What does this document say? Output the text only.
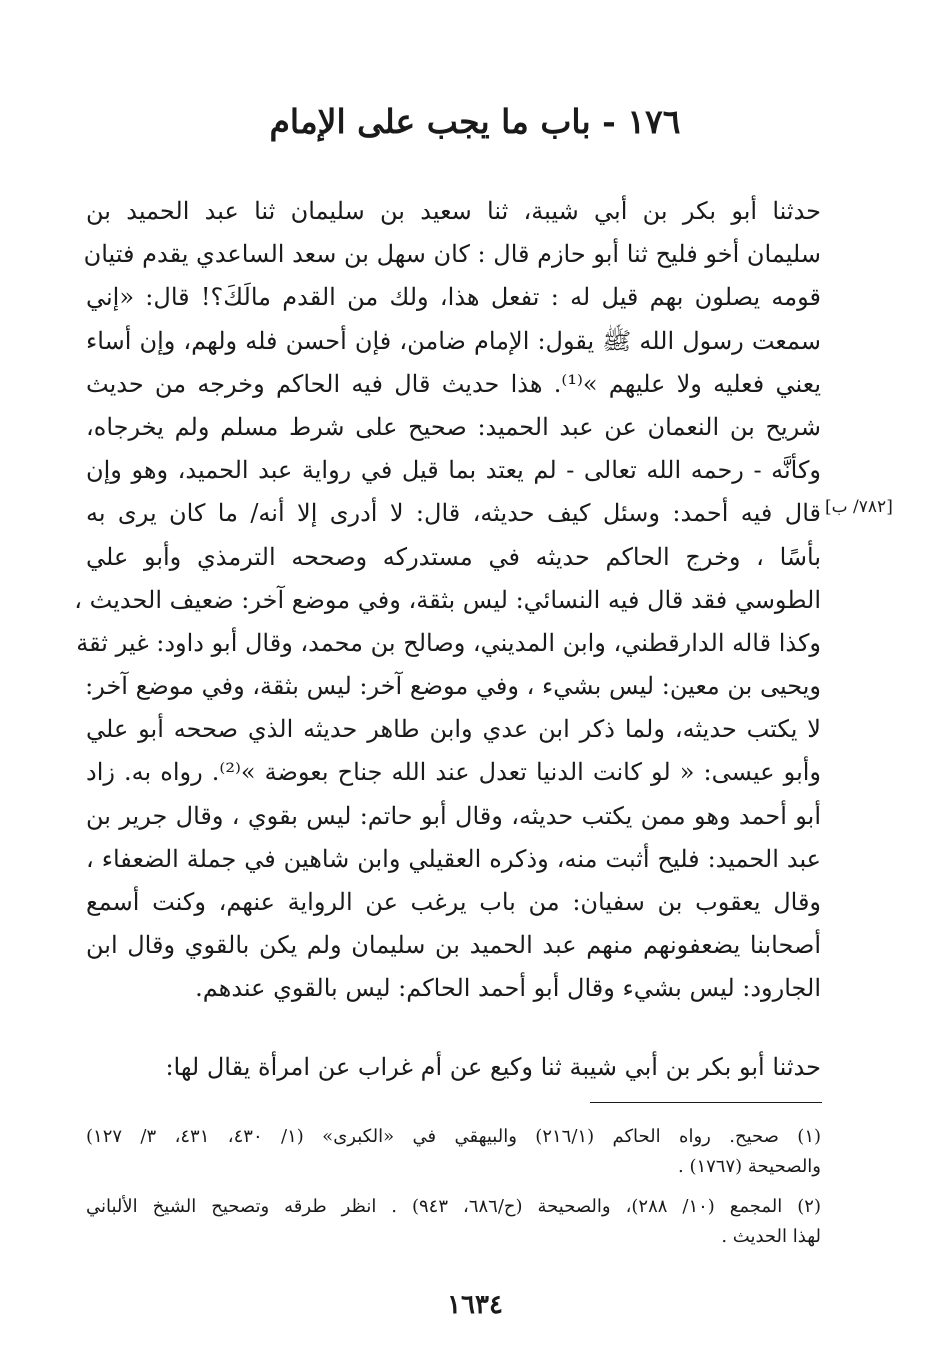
١٧٦ - باب ما يجب على الإمام
حدثنا أبو بكر بن أبي شيبة، ثنا سعيد بن سليمان ثنا عبد الحميد بن
سليمان أخو فليح ثنا أبو حازم قال : كان سهل بن سعد الساعدي يقدم فتيان
قومه يصلون بهم قيل له : تفعل هذا، ولك من القدم مالَكَ؟! قال: «إني
سمعت رسول الله ﷺ يقول: الإمام ضامن، فإن أحسن فله ولهم، وإن أساء
يعني فعليه ولا عليهم »⁽¹⁾. هذا حديث قال فيه الحاكم وخرجه من حديث
شريح بن النعمان عن عبد الحميد: صحيح على شرط مسلم ولم يخرجاه،
وكأنَّه - رحمه الله تعالى - لم يعتد بما قيل في رواية عبد الحميد، وهو وإن
قال فيه أحمد: وسئل كيف حديثه، قال: لا أدرى إلا أنه/ ما كان يرى به
بأسًا ، وخرج الحاكم حديثه في مستدركه وصححه الترمذي وأبو علي
الطوسي فقد قال فيه النسائي: ليس بثقة، وفي موضع آخر: ضعيف الحديث ،
وكذا قاله الدارقطني، وابن المديني، وصالح بن محمد، وقال أبو داود: غير ثقة
ويحيى بن معين: ليس بشيء ، وفي موضع آخر: ليس بثقة، وفي موضع آخر:
لا يكتب حديثه، ولما ذكر ابن عدي وابن طاهر حديثه الذي صححه أبو علي
وأبو عيسى: « لو كانت الدنيا تعدل عند الله جناح بعوضة »⁽²⁾. رواه به. زاد
أبو أحمد وهو ممن يكتب حديثه، وقال أبو حاتم: ليس بقوي ، وقال جرير بن
عبد الحميد: فليح أثبت منه، وذكره العقيلي وابن شاهين في جملة الضعفاء ،
وقال يعقوب بن سفيان: من باب يرغب عن الرواية عنهم، وكنت أسمع
أصحابنا يضعفونهم منهم عبد الحميد بن سليمان ولم يكن بالقوي وقال ابن
الجارود: ليس بشيء وقال أبو أحمد الحاكم: ليس بالقوي عندهم.
[٧٨٢/ ب]
حدثنا أبو بكر بن أبي شيبة ثنا وكيع عن أم غراب عن امرأة يقال لها:
(١) صحيح. رواه الحاكم (٢١٦/١) والبيهقي في «الكبرى» (١/ ٤٣٠، ٤٣١، ٣/ ١٢٧)
والصحيحة (١٧٦٧) .
(٢) المجمع (١٠/ ٢٨٨)، والصحيحة (ح/٦٨٦، ٩٤٣) . انظر طرقه وتصحيح الشيخ الألباني
لهذا الحديث .
١٦٣٤
